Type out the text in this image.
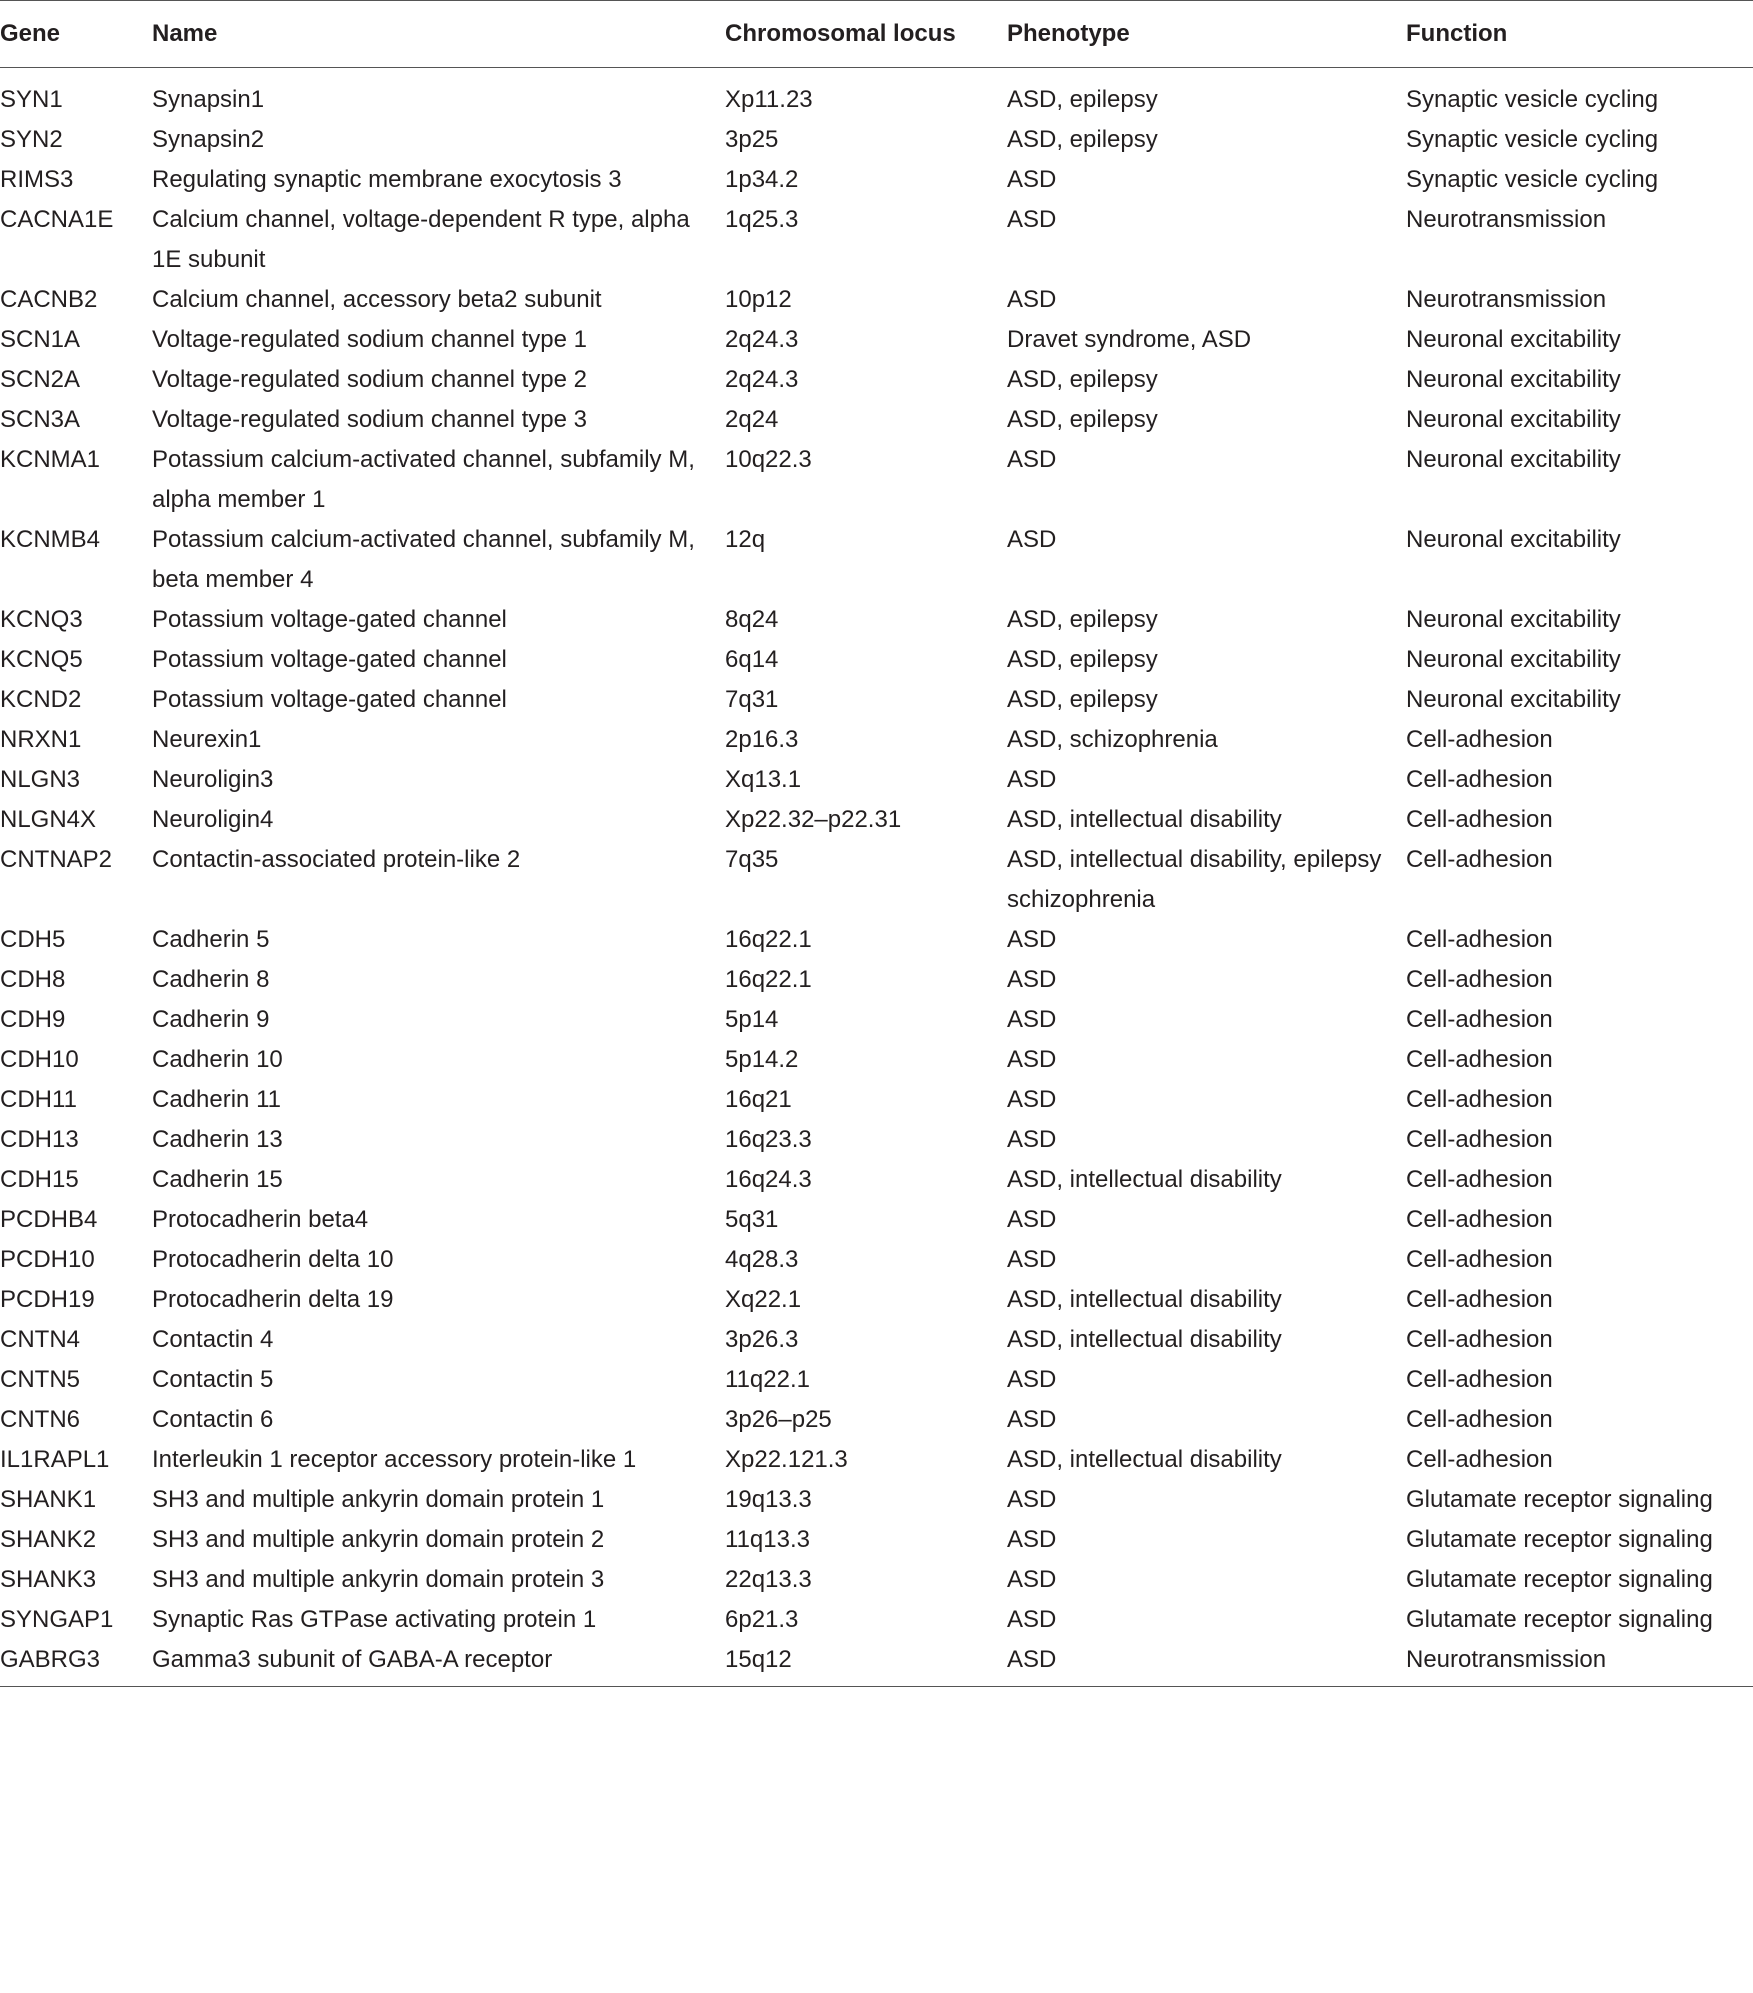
Gene	Name	Chromosomal locus	Phenotype	Function
SYN1	Synapsin1	Xp11.23	ASD, epilepsy	Synaptic vesicle cycling
SYN2	Synapsin2	3p25	ASD, epilepsy	Synaptic vesicle cycling
RIMS3	Regulating synaptic membrane exocytosis 3	1p34.2	ASD	Synaptic vesicle cycling
CACNA1E	Calcium channel, voltage-dependent R type, alpha 1E subunit	1q25.3	ASD	Neurotransmission
CACNB2	Calcium channel, accessory beta2 subunit	10p12	ASD	Neurotransmission
SCN1A	Voltage-regulated sodium channel type 1	2q24.3	Dravet syndrome, ASD	Neuronal excitability
SCN2A	Voltage-regulated sodium channel type 2	2q24.3	ASD, epilepsy	Neuronal excitability
SCN3A	Voltage-regulated sodium channel type 3	2q24	ASD, epilepsy	Neuronal excitability
KCNMA1	Potassium calcium-activated channel, subfamily M, alpha member 1	10q22.3	ASD	Neuronal excitability
KCNMB4	Potassium calcium-activated channel, subfamily M, beta member 4	12q	ASD	Neuronal excitability
KCNQ3	Potassium voltage-gated channel	8q24	ASD, epilepsy	Neuronal excitability
KCNQ5	Potassium voltage-gated channel	6q14	ASD, epilepsy	Neuronal excitability
KCND2	Potassium voltage-gated channel	7q31	ASD, epilepsy	Neuronal excitability
NRXN1	Neurexin1	2p16.3	ASD, schizophrenia	Cell-adhesion
NLGN3	Neuroligin3	Xq13.1	ASD	Cell-adhesion
NLGN4X	Neuroligin4	Xp22.32–p22.31	ASD, intellectual disability	Cell-adhesion
CNTNAP2	Contactin-associated protein-like 2	7q35	ASD, intellectual disability, epilepsy schizophrenia	Cell-adhesion
CDH5	Cadherin 5	16q22.1	ASD	Cell-adhesion
CDH8	Cadherin 8	16q22.1	ASD	Cell-adhesion
CDH9	Cadherin 9	5p14	ASD	Cell-adhesion
CDH10	Cadherin 10	5p14.2	ASD	Cell-adhesion
CDH11	Cadherin 11	16q21	ASD	Cell-adhesion
CDH13	Cadherin 13	16q23.3	ASD	Cell-adhesion
CDH15	Cadherin 15	16q24.3	ASD, intellectual disability	Cell-adhesion
PCDHB4	Protocadherin beta4	5q31	ASD	Cell-adhesion
PCDH10	Protocadherin delta 10	4q28.3	ASD	Cell-adhesion
PCDH19	Protocadherin delta 19	Xq22.1	ASD, intellectual disability	Cell-adhesion
CNTN4	Contactin 4	3p26.3	ASD, intellectual disability	Cell-adhesion
CNTN5	Contactin 5	11q22.1	ASD	Cell-adhesion
CNTN6	Contactin 6	3p26–p25	ASD	Cell-adhesion
IL1RAPL1	Interleukin 1 receptor accessory protein-like 1	Xp22.121.3	ASD, intellectual disability	Cell-adhesion
SHANK1	SH3 and multiple ankyrin domain protein 1	19q13.3	ASD	Glutamate receptor signaling
SHANK2	SH3 and multiple ankyrin domain protein 2	11q13.3	ASD	Glutamate receptor signaling
SHANK3	SH3 and multiple ankyrin domain protein 3	22q13.3	ASD	Glutamate receptor signaling
SYNGAP1	Synaptic Ras GTPase activating protein 1	6p21.3	ASD	Glutamate receptor signaling
GABRG3	Gamma3 subunit of GABA-A receptor	15q12	ASD	Neurotransmission
